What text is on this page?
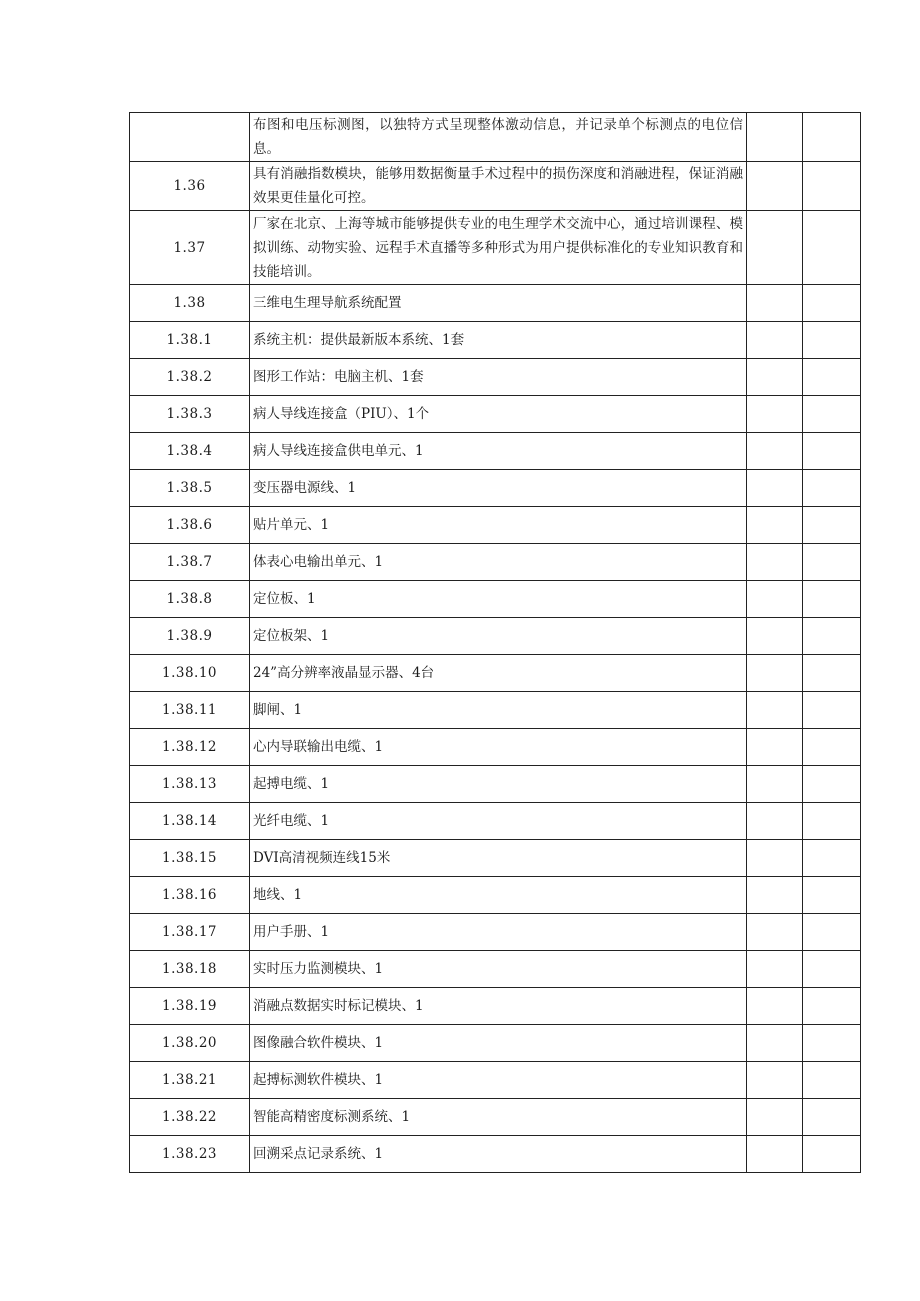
	布图和电压标测图，以独特方式呈现整体激动信息，并记录单个标测点的电位信息。		
1.36	具有消融指数模块，能够用数据衡量手术过程中的损伤深度和消融进程，保证消融效果更佳量化可控。		
1.37	厂家在北京、上海等城市能够提供专业的电生理学术交流中心，通过培训课程、模拟训练、动物实验、远程手术直播等多种形式为用户提供标准化的专业知识教育和技能培训。		
1.38	三维电生理导航系统配置		
1.38.1	系统主机：提供最新版本系统、1套		
1.38.2	图形工作站：电脑主机、1套		
1.38.3	病人导线连接盒（PIU）、1个		
1.38.4	病人导线连接盒供电单元、1		
1.38.5	变压器电源线、1		
1.38.6	贴片单元、1		
1.38.7	体表心电输出单元、1		
1.38.8	定位板、1		
1.38.9	定位板架、1		
1.38.10	24”高分辨率液晶显示器、4台		
1.38.11	脚闸、1		
1.38.12	心内导联输出电缆、1		
1.38.13	起搏电缆、1		
1.38.14	光纤电缆、1		
1.38.15	DVI高清视频连线15米		
1.38.16	地线、1		
1.38.17	用户手册、1		
1.38.18	实时压力监测模块、1		
1.38.19	消融点数据实时标记模块、1		
1.38.20	图像融合软件模块、1		
1.38.21	起搏标测软件模块、1		
1.38.22	智能高精密度标测系统、1		
1.38.23	回溯采点记录系统、1		
